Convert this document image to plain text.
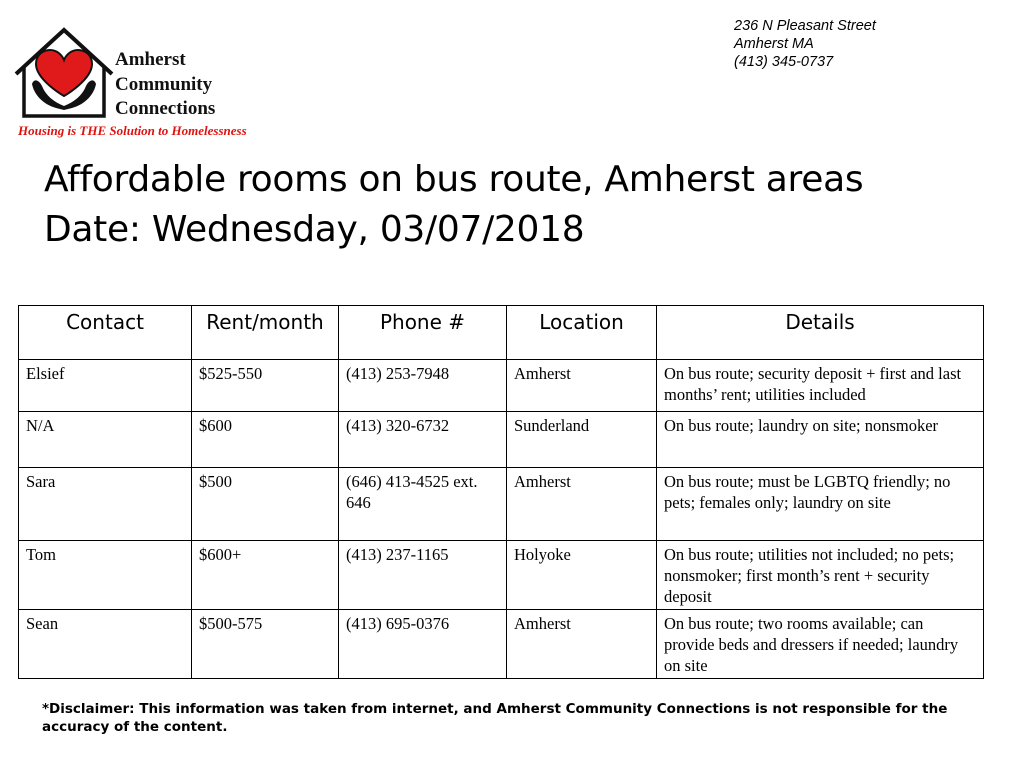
Amherst
Community
Connections
Housing is THE Solution to Homelessness
236 N Pleasant Street
Amherst MA
(413) 345-0737
Affordable rooms on bus route, Amherst areas
Date: Wednesday, 03/07/2018
Contact	Rent/month	Phone #	Location	Details
Elsief	$525-550	(413) 253-7948	Amherst	On bus route; security deposit + first and last months’ rent; utilities included
N/A	$600	(413) 320-6732	Sunderland	On bus route; laundry on site; nonsmoker
Sara	$500	(646) 413-4525 ext. 646	Amherst	On bus route; must be LGBTQ friendly; no pets; females only; laundry on site
Tom	$600+	(413) 237-1165	Holyoke	On bus route; utilities not included; no pets; nonsmoker; first month’s rent + security deposit
Sean	$500-575	(413) 695-0376	Amherst	On bus route; two rooms available; can provide beds and dressers if needed; laundry on site
*Disclaimer: This information was taken from internet, and Amherst Community Connections is not responsible for the accuracy of the content.
